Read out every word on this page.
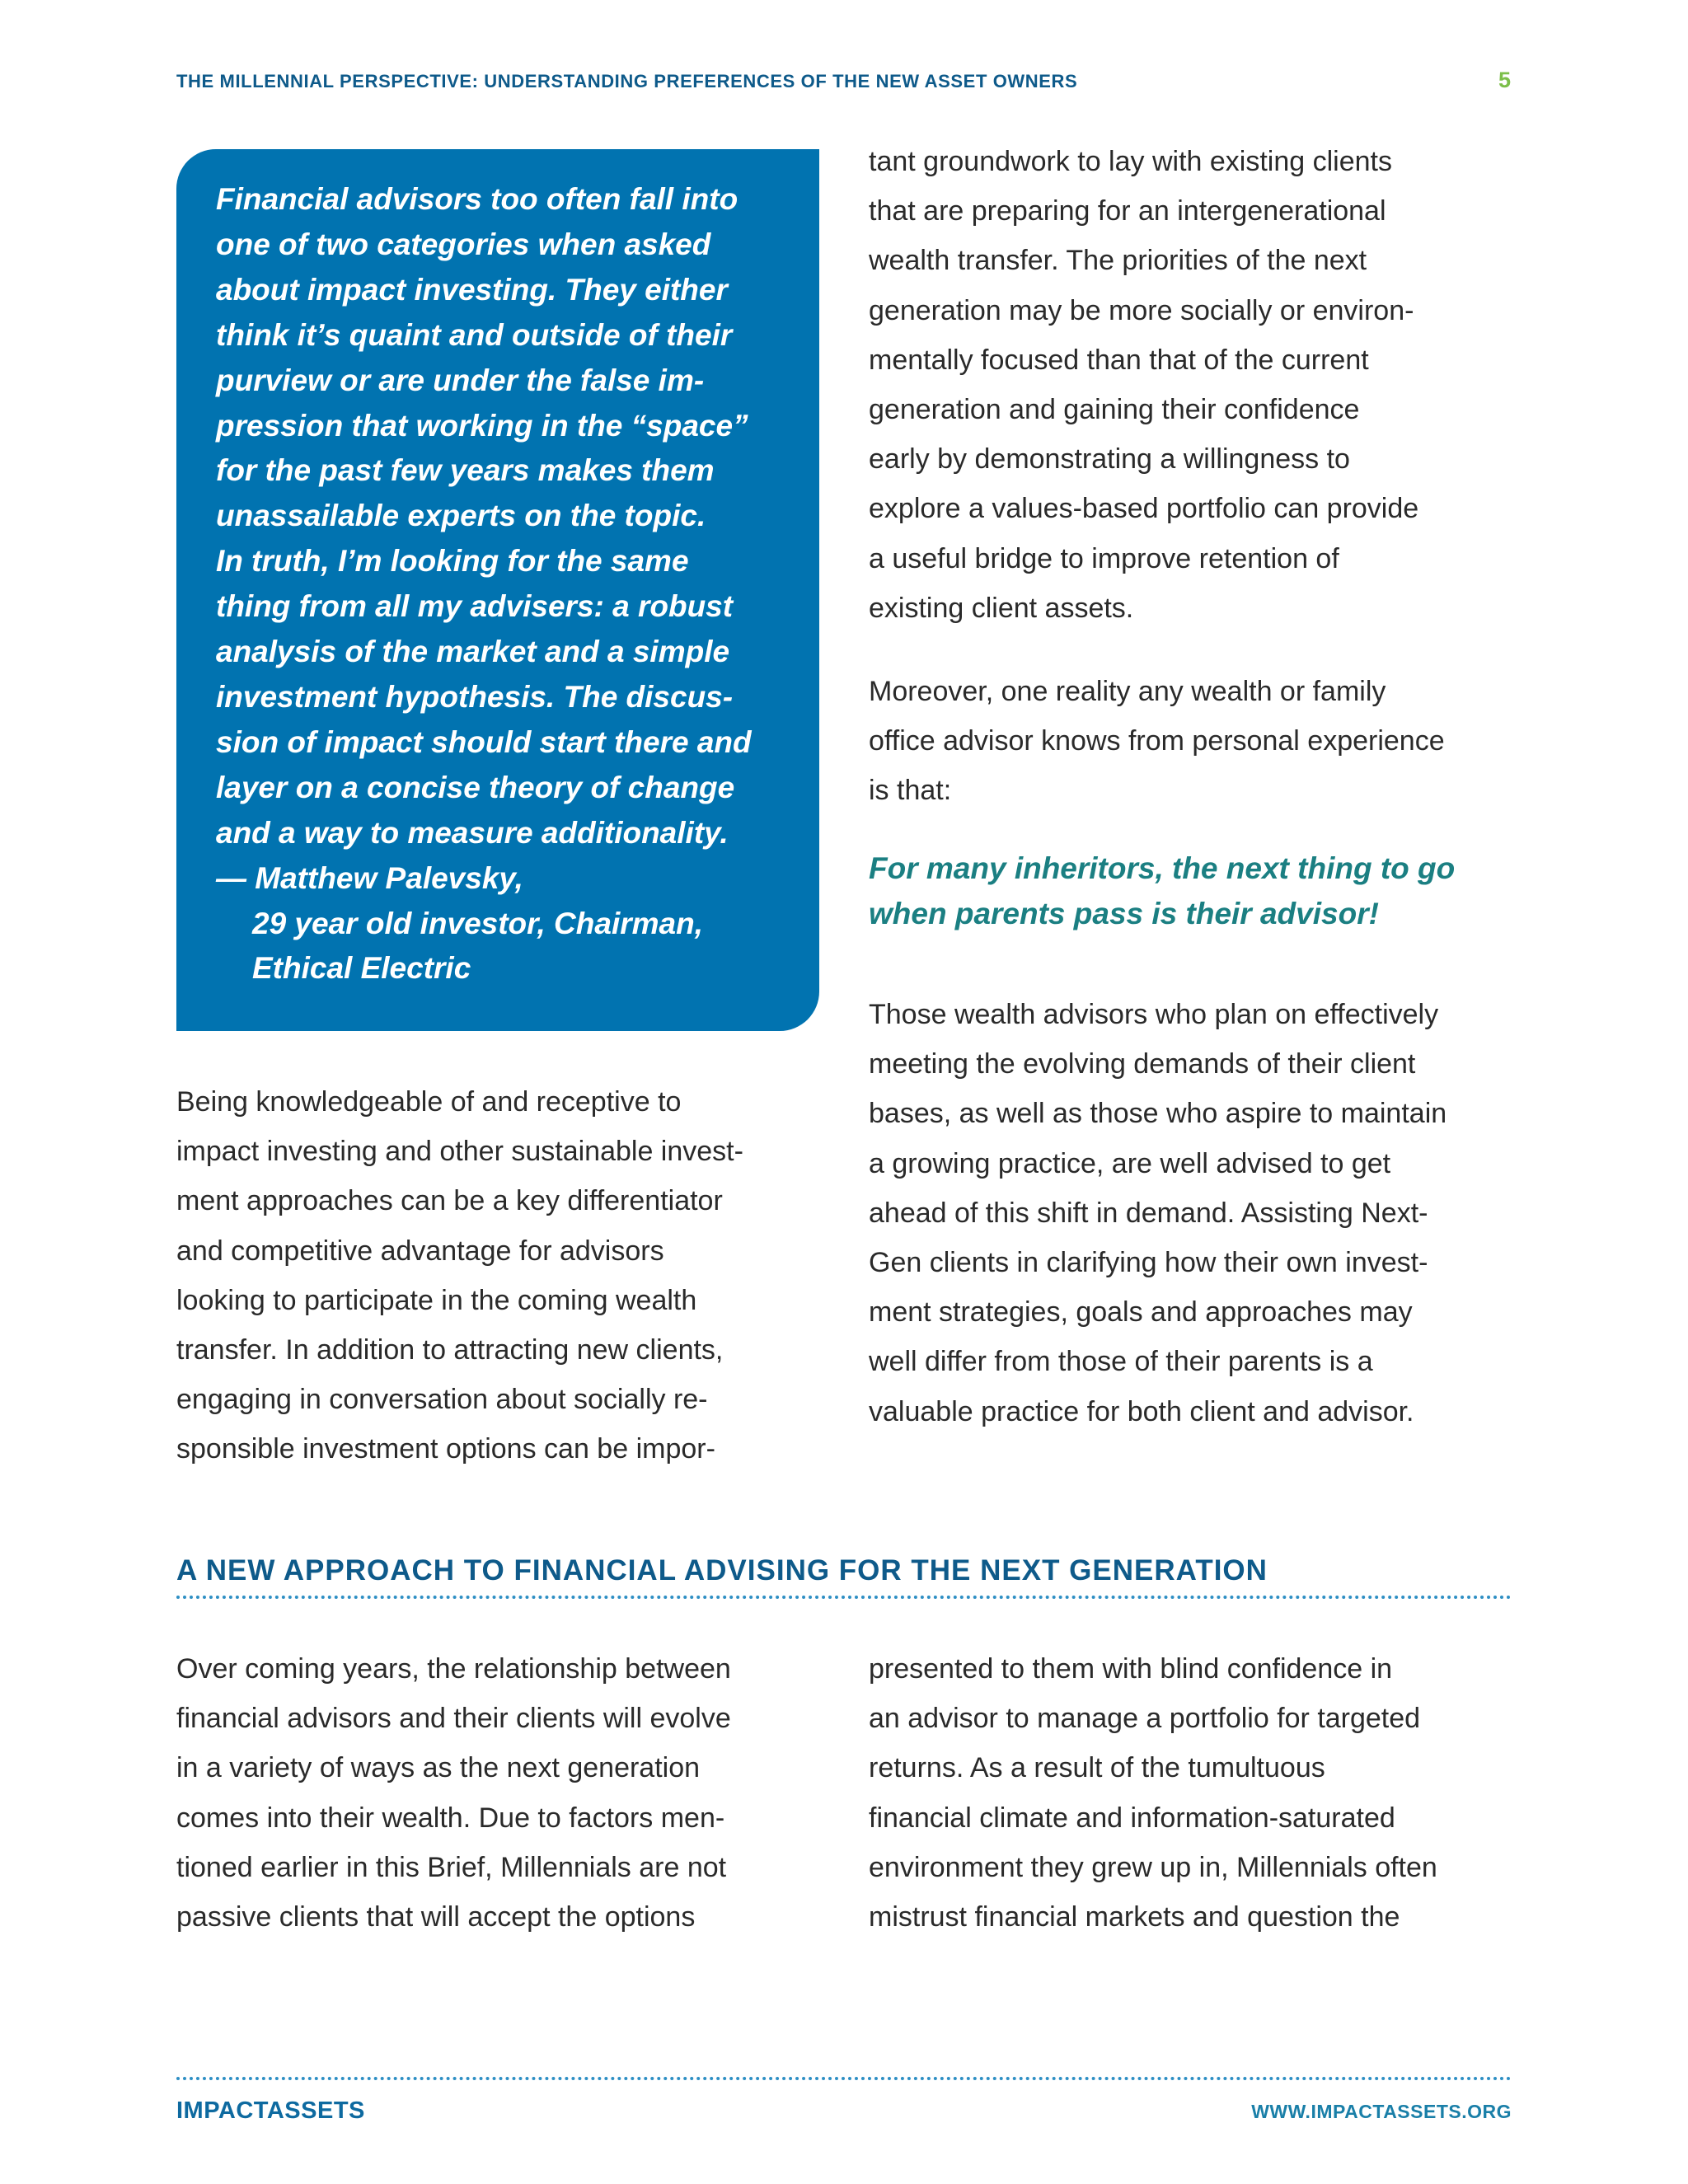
THE MILLENNIAL PERSPECTIVE: UNDERSTANDING PREFERENCES OF THE NEW ASSET OWNERS	5
Financial advisors too often fall into
one of two categories when asked
about impact investing. They either
think it’s quaint and outside of their
purview or are under the false im-
pression that working in the “space”
for the past few years makes them
unassailable experts on the topic.
In truth, I’m looking for the same
thing from all my advisers: a robust
analysis of the market and a simple
investment hypothesis. The discus-
sion of impact should start there and
layer on a concise theory of change
and a way to measure additionality.
— Matthew Palevsky,
29 year old investor, Chairman,
Ethical Electric
Being knowledgeable of and receptive to
impact investing and other sustainable invest-
ment approaches can be a key differentiator
and competitive advantage for advisors
looking to participate in the coming wealth
transfer. In addition to attracting new clients,
engaging in conversation about socially re-
sponsible investment options can be impor-
tant groundwork to lay with existing clients
that are preparing for an intergenerational
wealth transfer. The priorities of the next
generation may be more socially or environ-
mentally focused than that of the current
generation and gaining their confidence
early by demonstrating a willingness to
explore a values-based portfolio can provide
a useful bridge to improve retention of
existing client assets.
Moreover, one reality any wealth or family
office advisor knows from personal experience
is that:
For many inheritors, the next thing to go
when parents pass is their advisor!
Those wealth advisors who plan on effectively
meeting the evolving demands of their client
bases, as well as those who aspire to maintain
a growing practice, are well advised to get
ahead of this shift in demand. Assisting Next-
Gen clients in clarifying how their own invest-
ment strategies, goals and approaches may
well differ from those of their parents is a
valuable practice for both client and advisor.
A NEW APPROACH TO FINANCIAL ADVISING FOR THE NEXT GENERATION
Over coming years, the relationship between
financial advisors and their clients will evolve
in a variety of ways as the next generation
comes into their wealth. Due to factors men-
tioned earlier in this Brief, Millennials are not
passive clients that will accept the options
presented to them with blind confidence in
an advisor to manage a portfolio for targeted
returns. As a result of the tumultuous
financial climate and information-saturated
environment they grew up in, Millennials often
mistrust financial markets and question the
IMPACTASSETS	WWW.IMPACTASSETS.ORG
